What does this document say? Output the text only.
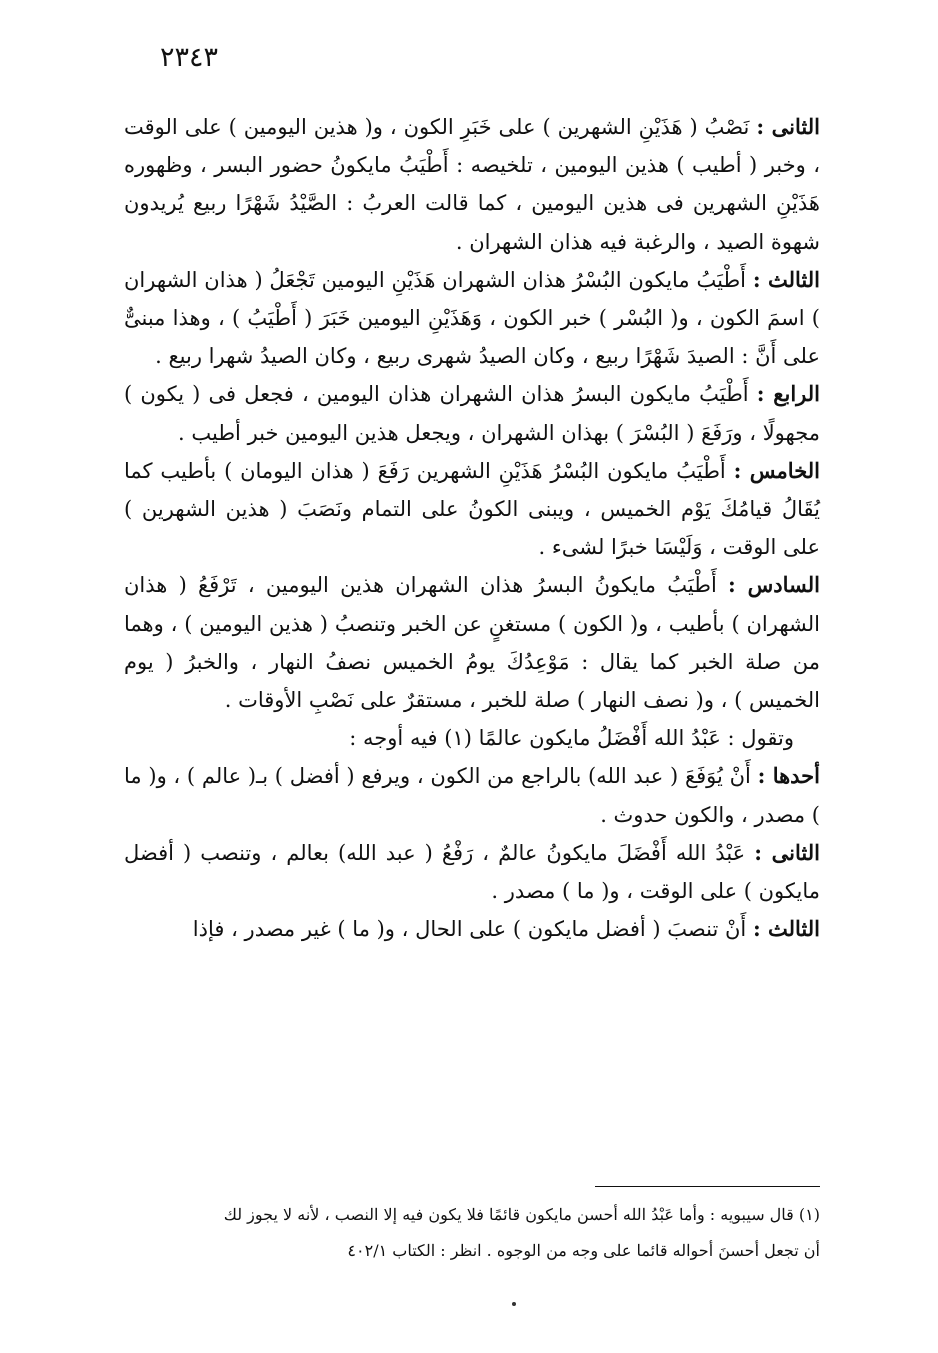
٢٣٤٣

الثانى : نَصْبُ ( هَذَيْنِ الشهرين ) على خَبَرِ الكون ، و( هذين اليومين ) على الوقت ، وخبر ( أطيب ) هذين اليومين ، تلخيصه : أَطْيَبُ مايكونُ حضور البسر ، وظهوره هَذَيْنِ الشهرين فى هذين اليومين ، كما قالت العربُ : الصَّيْدُ شَهْرًا ربيع يُريدون شهوة الصيد ، والرغبة فيه هذان الشهران .

الثالث : أَطْيَبُ مايكون البُسْرُ هذان الشهران هَذَيْنِ اليومين تَجْعَلُ ( هذان الشهران ) اسمَ الكون ، و( البُسْر ) خبر الكون ، وَهَذَيْنِ اليومين خَبَرَ ( أَطْيَبُ ) ، وهذا مبنىٌّ على أَنَّ : الصيدَ شَهْرًا ربيع ، وكان الصيدُ شهرى ربيع ، وكان الصيدُ شهرا ربيع .

الرابع : أَطْيَبُ مايكون البسرُ هذان الشهران هذان اليومين ، فجعل فى ( يكون ) مجهولًا ، ورَفَعَ ( البُسْرَ ) بهذان الشهران ، ويجعل هذين اليومين خبر أطيب .

الخامس : أَطْيَبُ مايكون البُسْرُ هَذَيْنِ الشهرين رَفَعَ ( هذان اليومان ) بأطيب كما يُقَالُ قيامُكَ يَوْم الخميس ، ويبنى الكونُ على التمام ونَصَبَ ( هذين الشهرين ) على الوقت ، وَلَيْسَا خبرًا لشىء .

السادس : أَطْيَبُ مايكونُ البسرُ هذان الشهران هذين اليومين ، تَرْفَعُ ( هذان الشهران ) بأطيب ، و( الكون ) مستغنٍ عن الخبر وتنصبُ ( هذين اليومين ) ، وهما من صلة الخبر كما يقال : مَوْعِدُكَ يومُ الخميس نصفُ النهار ، والخبرُ ( يوم الخميس ) ، و( نصف النهار ) صلة للخبر ، مستقرٌ على نَصْبِ الأوقات .

وتقول : عَبْدُ الله أَفْضَلُ مايكون عالمًا (١) فيه أوجه :

أحدها : أَنْ يُوَفَعَ ( عبد الله) بالراجع من الكون ، ويرفع ( أفضل ) بـ( عالم ) ، و( ما ) مصدر ، والكون حدوث .

الثانى : عَبْدُ الله أَفْضَلَ مايكونُ عالمٌ ، رَفْعُ ( عبد الله) بعالم ، وتنصب ( أفضل مايكون ) على الوقت ، و( ما ) مصدر .

الثالث : أَنْ تنصبَ ( أفضل مايكون ) على الحال ، و( ما ) غير مصدر ، فإذا

(١) قال سيبويه : وأما عَبْدُ الله أحسن مايكون قائمًا فلا يكون فيه إلا النصب ، لأنه لا يجوز لك

أن تجعل أحسنَ أحواله قائما على وجه من الوجوه . انظر : الكتاب ٤٠٢/١
